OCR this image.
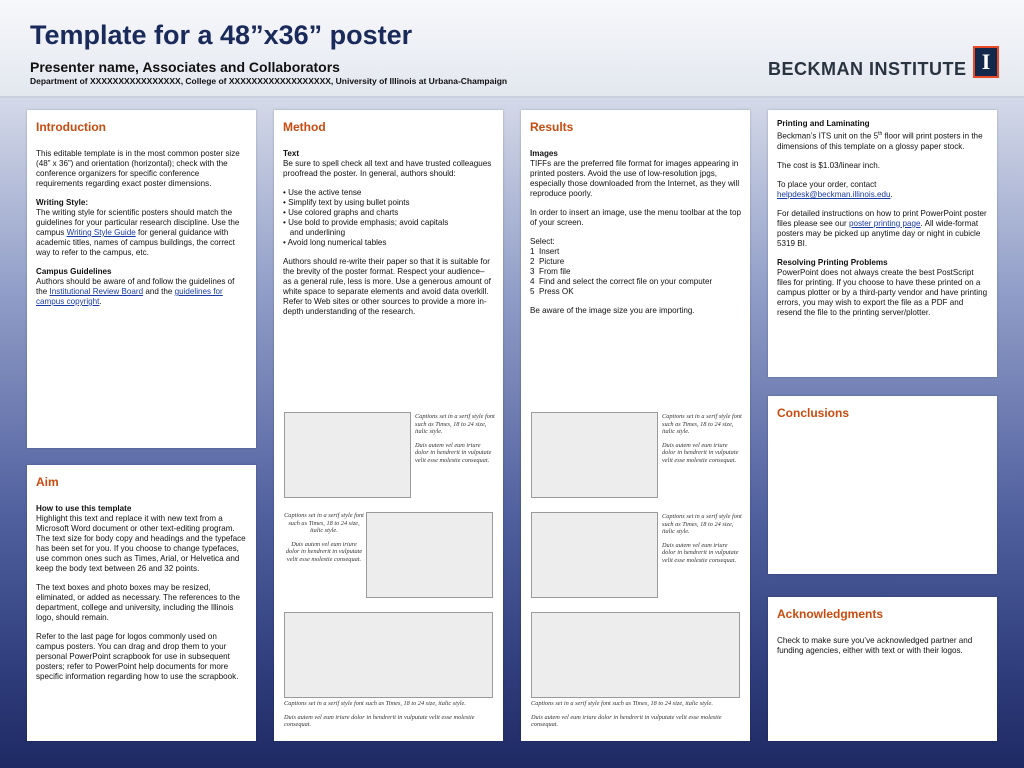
Template for a 48”x36” poster
Presenter name, Associates and Collaborators
Department of XXXXXXXXXXXXXXXX, College of XXXXXXXXXXXXXXXXXX, University of Illinois at Urbana-Champaign
BECKMAN INSTITUTE I
Introduction

This editable template is in the most common poster size (48” x 36”) and orientation (horizontal); check with the conference organizers for specific conference requirements regarding exact poster dimensions.

Writing Style:
The writing style for scientific posters should match the guidelines for your particular research discipline. Use the campus Writing Style Guide for general guidance with academic titles, names of campus buildings, the correct way to refer to the campus, etc.

Campus Guidelines
Authors should be aware of and follow the guidelines of the Institutional Review Board and the guidelines for campus copyright.

Aim

How to use this template
Highlight this text and replace it with new text from a Microsoft Word document or other text-editing program. The text size for body copy and headings and the typeface has been set for you. If you choose to change typefaces, use common ones such as Times, Arial, or Helvetica and keep the body text between 26 and 32 points.

The text boxes and photo boxes may be resized, eliminated, or added as necessary. The references to the department, college and university, including the Illinois logo, should remain.

Refer to the last page for logos commonly used on campus posters. You can drag and drop them to your personal PowerPoint scrapbook for use in subsequent posters; refer to PowerPoint help documents for more specific information regarding how to use the scrapbook.

Method

Text
Be sure to spell check all text and have trusted colleagues proofread the poster. In general, authors should:

• Use the active tense
• Simplify text by using bullet points
• Use colored graphs and charts
• Use bold to provide emphasis; avoid capitals
and underlining
• Avoid long numerical tables

Authors should re-write their paper so that it is suitable for the brevity of the poster format. Respect your audience– as a general rule, less is more. Use a generous amount of white space to separate elements and avoid data overkill. Refer to Web sites or other sources to provide a more in-depth understanding of the research.

Captions set in a serif style font such as Times, 18 to 24 size, italic style.

Duis autem vel eum iriure dolor in hendrerit in vulputate velit esse molestie consequat.

Captions set in a serif style font such as Times, 18 to 24 size, italic style.

Duis autem vel eum iriure dolor in hendrerit in vulputate velit esse molestie consequat.

Captions set in a serif style font such as Times, 18 to 24 size, italic style.

Duis autem vel eum iriure dolor in hendrerit in vulputate velit esse molestie consequat.

Results

Images
TIFFs are the preferred file format for images appearing in printed posters. Avoid the use of low-resolution jpgs, especially those downloaded from the Internet, as they will reproduce poorly.

In order to insert an image, use the menu toolbar at the top of your screen.

Select:
1  Insert
2  Picture
3  From file
4  Find and select the correct file on your computer
5  Press OK

Be aware of the image size you are importing.

Captions set in a serif style font such as Times, 18 to 24 size, italic style.

Duis autem vel eum iriure dolor in hendrerit in vulputate velit esse molestie consequat.

Captions set in a serif style font such as Times, 18 to 24 size, italic style.

Duis autem vel eum iriure dolor in hendrerit in vulputate velit esse molestie consequat.

Captions set in a serif style font such as Times, 18 to 24 size, italic style.

Duis autem vel eum iriure dolor in hendrerit in vulputate velit esse molestie consequat.

Printing and Laminating

Beckman’s ITS unit on the 5th floor will print posters in the dimensions of this template on a glossy paper stock.

The cost is $1.03/linear inch.

To place your order, contact
helpdesk@beckman.illinois.edu.

For detailed instructions on how to print PowerPoint poster files please see our poster printing page. All wide-format posters may be picked up anytime day or night in cubicle 5319 BI.

Resolving Printing Problems
PowerPoint does not always create the best PostScript files for printing. If you choose to have these printed on a campus plotter or by a third-party vendor and have printing errors, you may wish to export the file as a PDF and resend the file to the printing server/plotter.

Conclusions
Acknowledgments

Check to make sure you’ve acknowledged partner and funding agencies, either with text or with their logos.
